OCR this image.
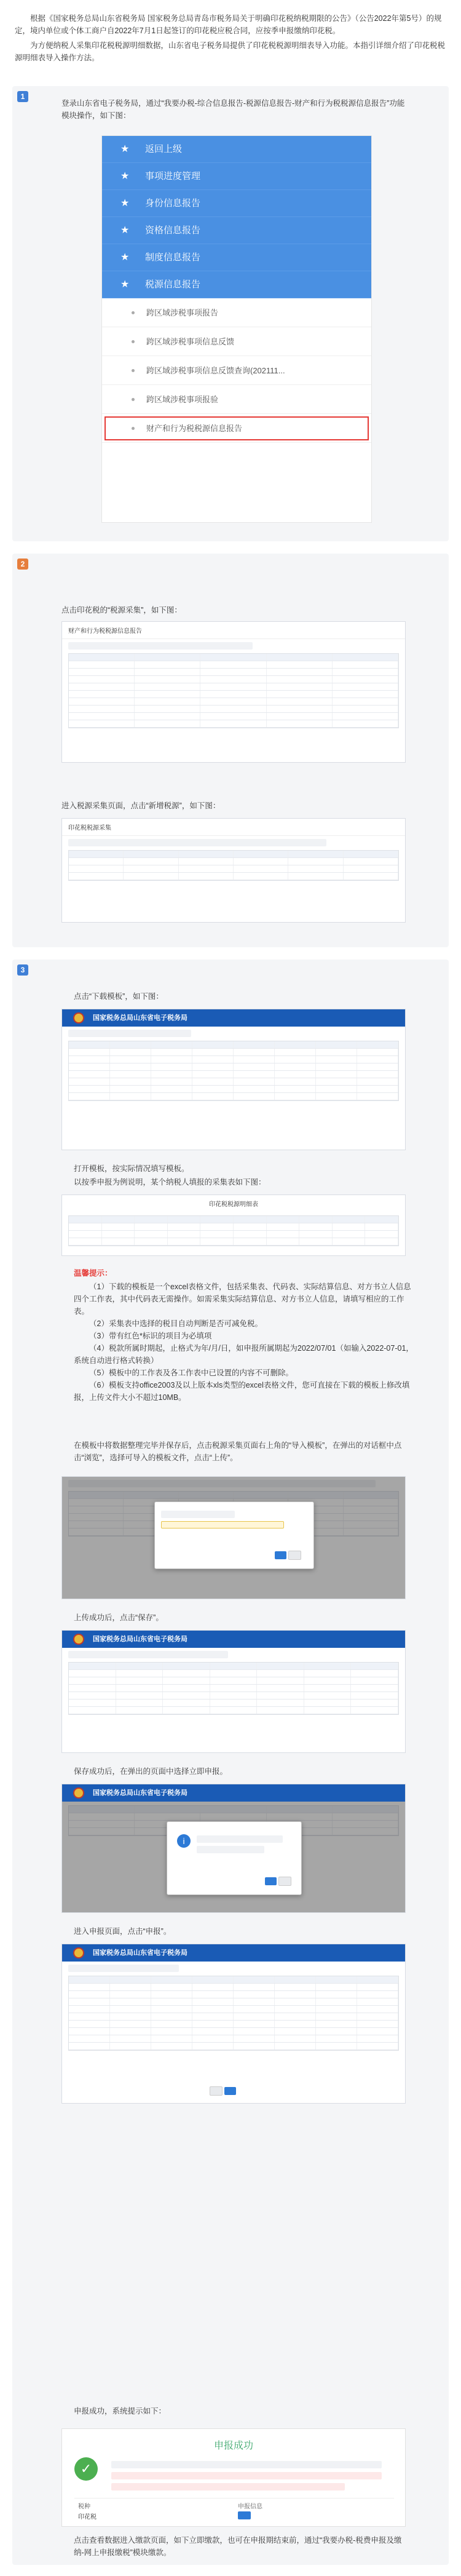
根据《国家税务总局山东省税务局 国家税务总局青岛市税务局关于明确印花税纳税期限的公告》（公告2022年第5号）的规定，境内单位或个体工商户自2022年7月1日起签订的印花税应税合同，应按季申报缴纳印花税。

为方便纳税人采集印花税税源明细数据，山东省电子税务局提供了印花税税源明细表导入功能。本指引详细介绍了印花税税源明细表导入操作方法。

1
登录山东省电子税务局，通过“我要办税-综合信息报告-税源信息报告-财产和行为税税源信息报告”功能模块操作，如下图：
★ 返回上级
★ 事项进度管理
★ 身份信息报告
★ 资格信息报告
★ 制度信息报告
★ 税源信息报告
跨区域涉税事项报告
跨区域涉税事项信息反馈
跨区域涉税事项信息反馈查询(202111...
跨区域涉税事项报验
财产和行为税税源信息报告
2
点击印花税的“税源采集”，如下图：
财产和行为税税源信息报告
进入税源采集页面，点击“新增税源”，如下图：
印花税税源采集
3
点击“下载模板”，如下图：
国家税务总局山东省电子税务局
打开模板，按实际情况填写模板。
以按季申报为例说明，某个纳税人填报的采集表如下图：
印花税税源明细表
温馨提示：

（1）下载的模板是一个excel表格文件，包括采集表、代码表、实际结算信息、对方书立人信息四个工作表，其中代码表无需操作。如需采集实际结算信息、对方书立人信息，请填写相应的工作表。

（2）采集表中选择的税目自动判断是否可减免税。

（3）带有红色*标识的项目为必填项

（4）税款所属时期起，止格式为年/月/日，如申报所属期起为2022/07/01（如输入2022-07-01，系统自动进行格式转换）

（5）模板中的工作表及各工作表中已设置的内容不可删除。

（6）模板支持office2003及以上版本xls类型的excel表格文件，您可直接在下载的模板上修改填报，上传文件大小不超过10MB。

在模板中将数据整理完毕并保存后，点击税源采集页面右上角的“导入模板”，在弹出的对话框中点击“浏览”，选择可导入的模板文件，点击“上传”。

上传成功后，点击“保存”。
国家税务总局山东省电子税务局
保存成功后，在弹出的页面中选择立即申报。
国家税务总局山东省电子税务局
i

进入申报页面，点击“申报”。
国家税务总局山东省电子税务局

申报成功，系统提示如下：
点击查看数据进入缴款页面，如下立即缴款，也可在申报期结束前，通过“我要办税-税费申报及缴纳-网上申报缴税”模块缴款。
申报成功
✓
税种	申报信息
印花税
